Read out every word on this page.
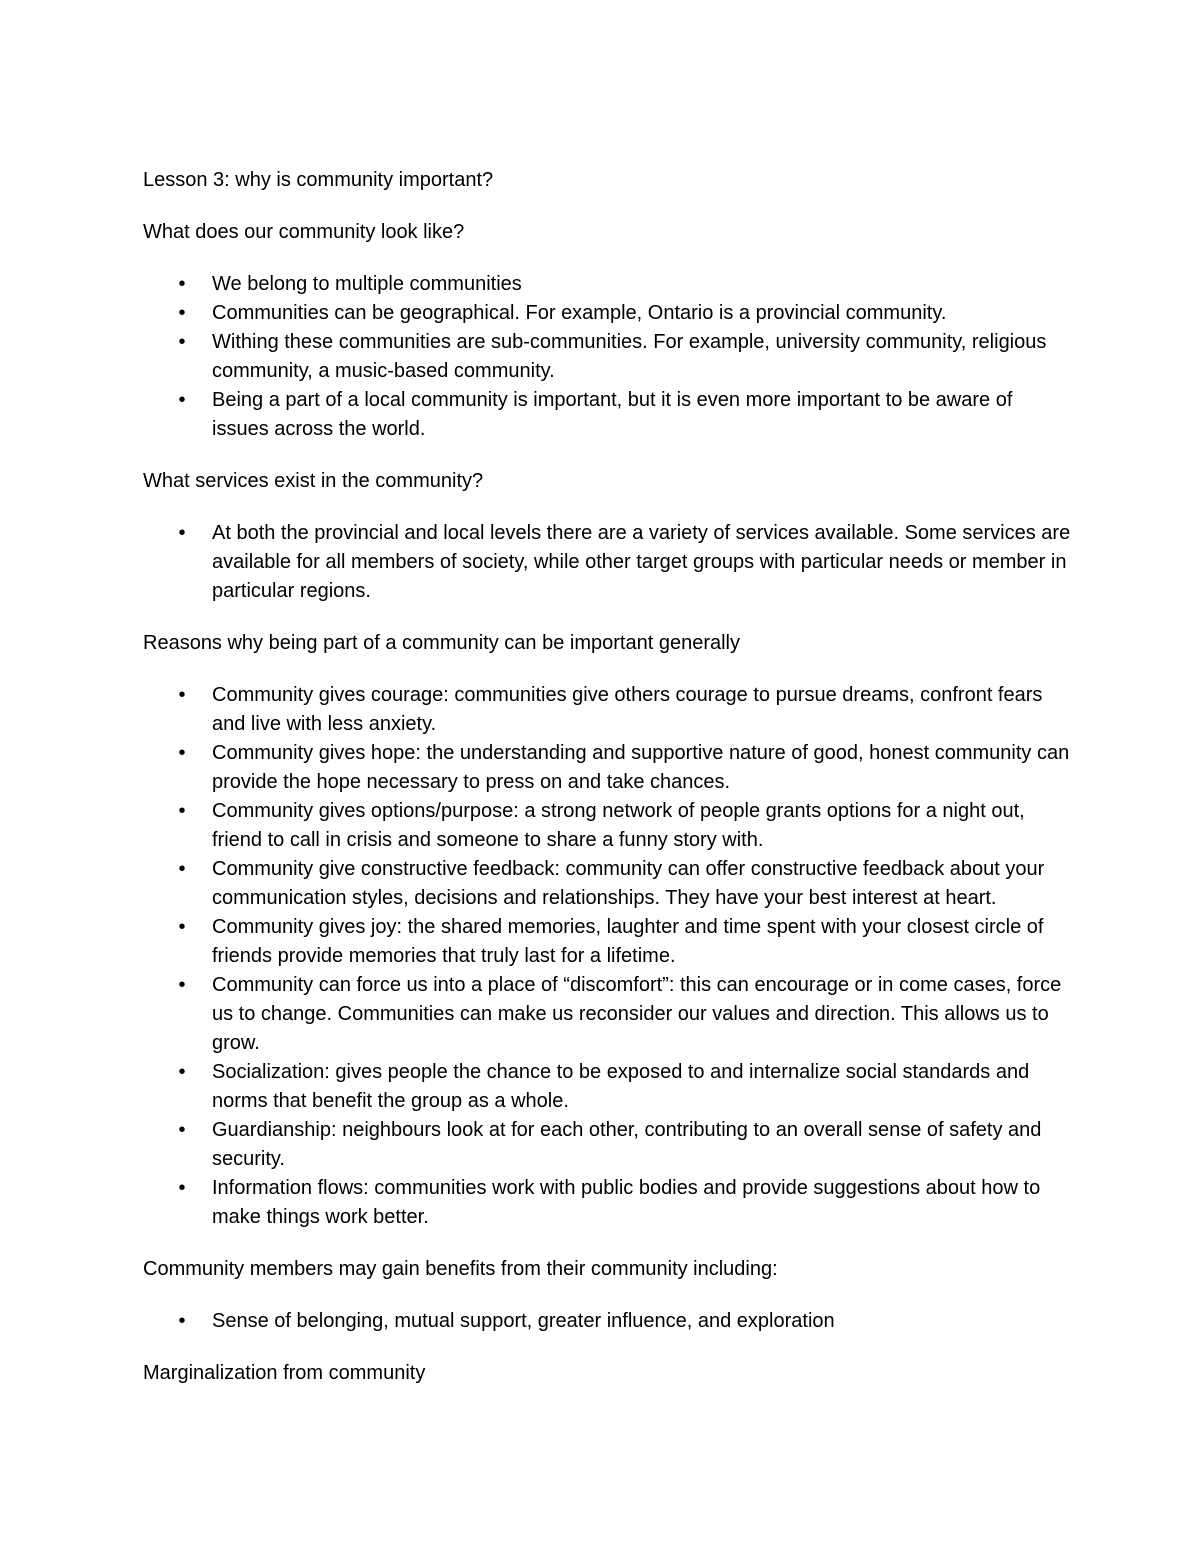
Lesson 3: why is community important?

What does our community look like?

• We belong to multiple communities
• Communities can be geographical. For example, Ontario is a provincial community.
• Withing these communities are sub-communities. For example, university community, religious community, a music-based community.
• Being a part of a local community is important, but it is even more important to be aware of issues across the world.

What services exist in the community?

• At both the provincial and local levels there are a variety of services available. Some services are available for all members of society, while other target groups with particular needs or member in particular regions.

Reasons why being part of a community can be important generally

• Community gives courage: communities give others courage to pursue dreams, confront fears and live with less anxiety.
• Community gives hope: the understanding and supportive nature of good, honest community can provide the hope necessary to press on and take chances.
• Community gives options/purpose: a strong network of people grants options for a night out, friend to call in crisis and someone to share a funny story with.
• Community give constructive feedback: community can offer constructive feedback about your communication styles, decisions and relationships. They have your best interest at heart.
• Community gives joy: the shared memories, laughter and time spent with your closest circle of friends provide memories that truly last for a lifetime.
• Community can force us into a place of “discomfort”: this can encourage or in come cases, force us to change. Communities can make us reconsider our values and direction. This allows us to grow.
• Socialization: gives people the chance to be exposed to and internalize social standards and norms that benefit the group as a whole.
• Guardianship: neighbours look at for each other, contributing to an overall sense of safety and security.
• Information flows: communities work with public bodies and provide suggestions about how to make things work better.

Community members may gain benefits from their community including:

• Sense of belonging, mutual support, greater influence, and exploration

Marginalization from community
